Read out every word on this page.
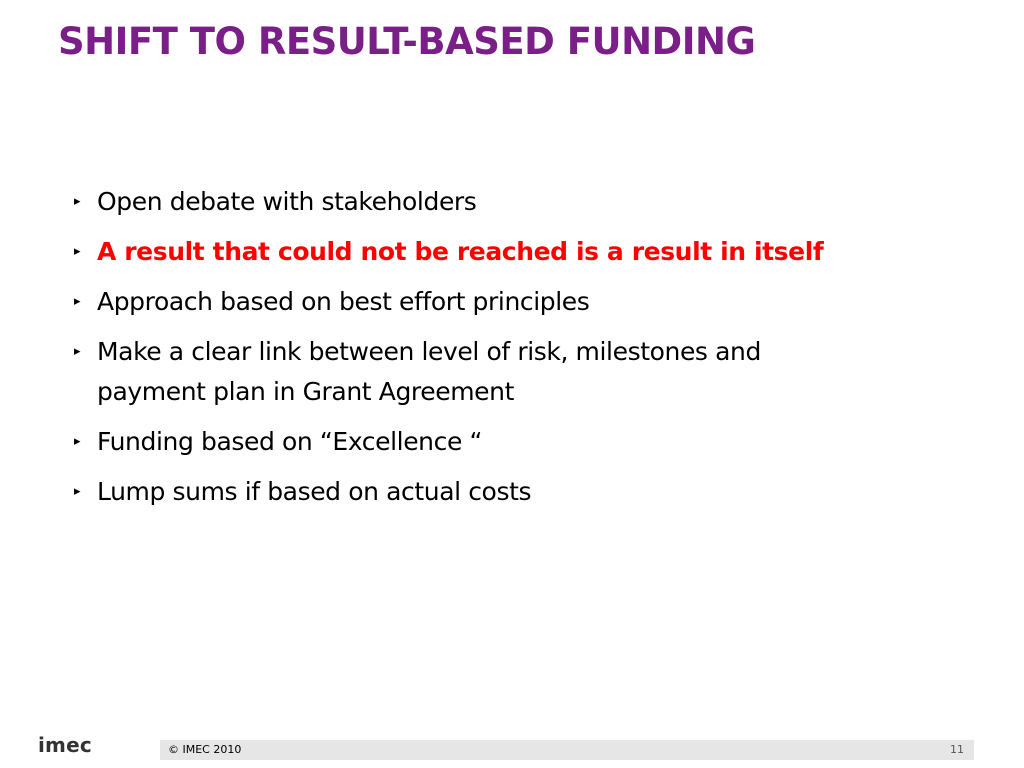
SHIFT TO RESULT-BASED FUNDING
▸ Open debate with stakeholders
▸ A result that could not be reached is a result in itself
▸ Approach based on best effort principles
▸ Make a clear link between level of risk, milestones and payment plan in Grant Agreement
▸ Funding based on “Excellence “
▸ Lump sums if based on actual costs
imec	© IMEC 2010	11
